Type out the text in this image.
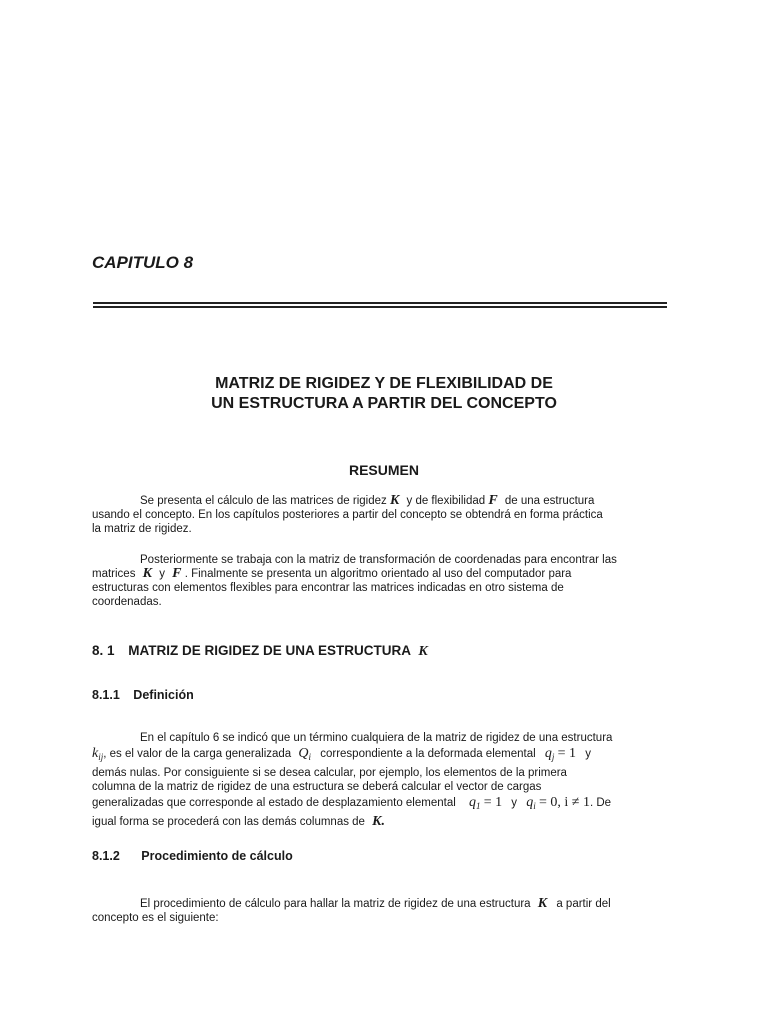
CAPITULO 8
MATRIZ DE RIGIDEZ Y DE FLEXIBILIDAD DE
UN ESTRUCTURA A PARTIR DEL CONCEPTO
RESUMEN
Se presenta el cálculo de las matrices de rigidez K y de flexibilidad F de una estructura
usando el concepto. En los capítulos posteriores a partir del concepto se obtendrá en forma práctica
la matriz de rigidez.
Posteriormente se trabaja con la matriz de transformación de coordenadas para encontrar las
matrices K y F . Finalmente se presenta un algoritmo orientado al uso del computador para
estructuras con elementos flexibles para encontrar las matrices indicadas en otro sistema de
coordenadas.
8. 1 MATRIZ DE RIGIDEZ DE UNA ESTRUCTURA K
8.1.1 Definición
En el capítulo 6 se indicó que un término cualquiera de la matriz de rigidez de una estructura
$k_{ij}$, es el valor de la carga generalizada $Q_i$ correspondiente a la deformada elemental $q_j = 1$ y
demás nulas. Por consiguiente si se desea calcular, por ejemplo, los elementos de la primera
columna de la matriz de rigidez de una estructura se deberá calcular el vector de cargas
generalizadas que corresponde al estado de desplazamiento elemental $q_1 = 1$ y $q_i = 0$, i ≠ 1. De
igual forma se procederá con las demás columnas de K.
8.1.2 Procedimiento de cálculo
El procedimiento de cálculo para hallar la matriz de rigidez de una estructura K a partir del
concepto es el siguiente:
